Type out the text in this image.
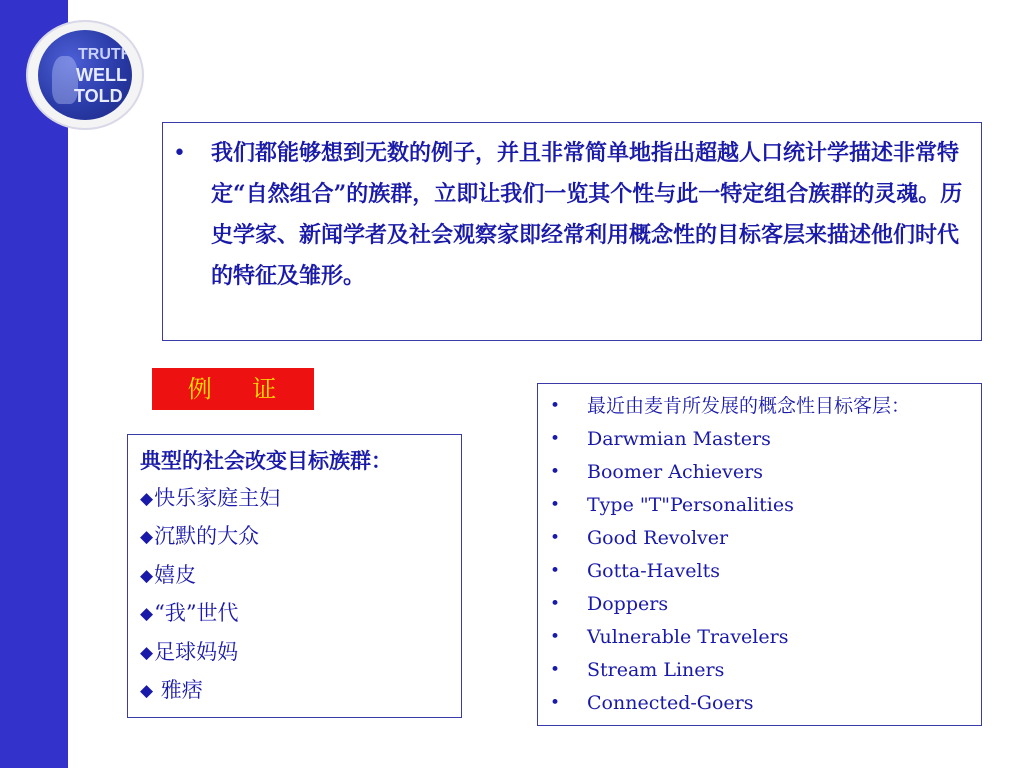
TRUTH
WELL
TOLD
• 我们都能够想到无数的例子，并且非常简单地指出超越人口统计学描述非常特定“自然组合”的族群，立即让我们一览其个性与此一特定组合族群的灵魂。历史学家、新闻学者及社会观察家即经常利用概念性的目标客层来描述他们时代的特征及雏形。
例    证
典型的社会改变目标族群：
◆快乐家庭主妇
◆沉默的大众
◆嬉皮
◆“我”世代
◆足球妈妈
◆ 雅痞
• 最近由麦肯所发展的概念性目标客层：
• Darwmian Masters
• Boomer Achievers
• Type "T"Personalities
• Good Revolver
• Gotta-Havelts
• Doppers
• Vulnerable Travelers
• Stream Liners
• Connected-Goers
